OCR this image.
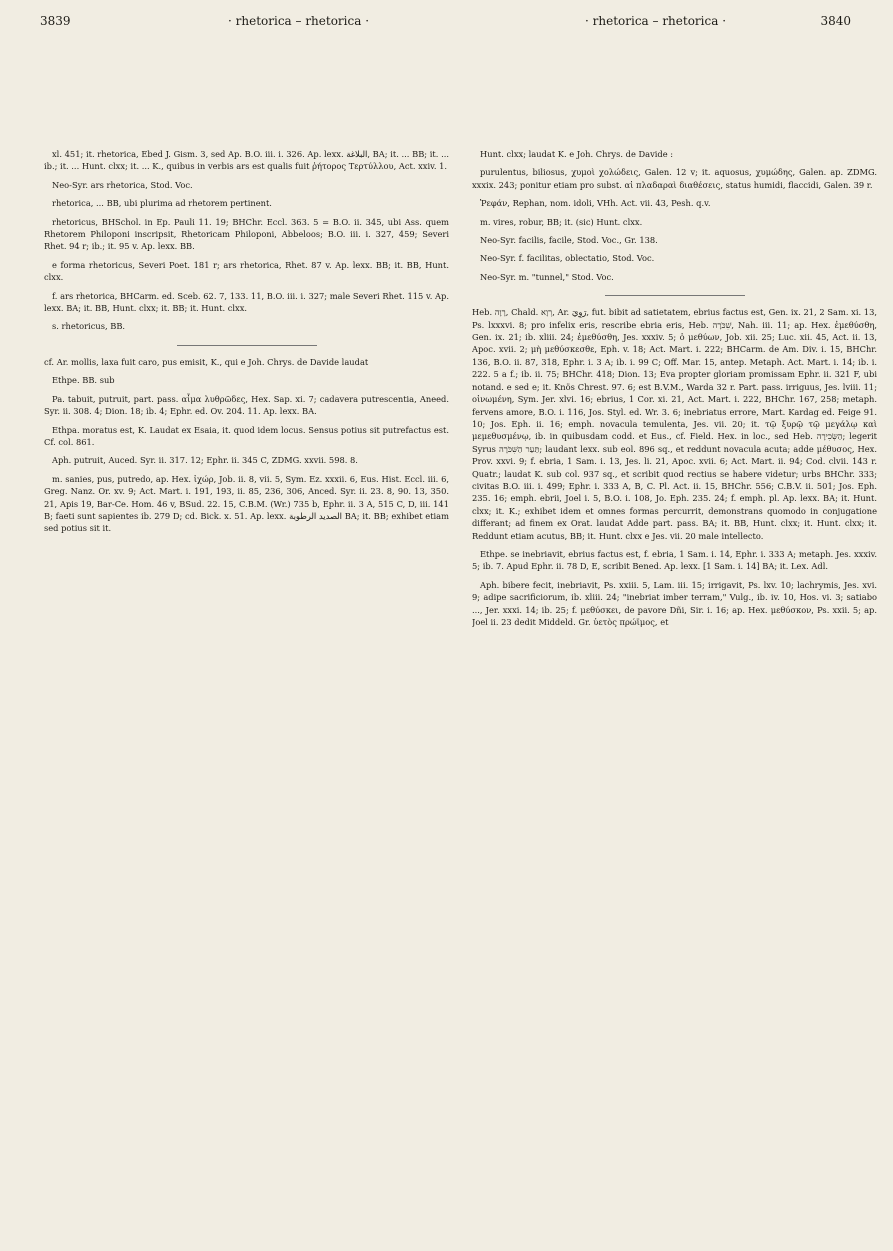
3839	· rhetorica – rhetorica ·	· rhetorica – rhetorica ·	3840

xl. 451; it. rhetorica, Ebed J. Gism. 3, sed Ap. B.O. iii. i. 326. Ap. lexx. البلاغة, BA; it. ... BB; it. ... ib.; it. ... Hunt. clxx; it. ... K., quibus in verbis ars est qualis fuit ῥήτορος Τερτύλλου, Act. xxiv. 1.

Neo-Syr. ars rhetorica, Stod. Voc.

rhetorica, ... BB, ubi plurima ad rhetorem pertinent.

rhetoricus, BHSchol. in Ep. Pauli 11. 19; BHChr. Eccl. 363. 5 = B.O. ii. 345, ubi Ass. quem Rhetorem Philoponi inscripsit, Rhetoricam Philoponi, Abbeloos; B.O. iii. i. 327, 459; Severi Rhet. 94 r; ib.; it. 95 v. Ap. lexx. BB.

e forma rhetoricus, Severi Poet. 181 r; ars rhetorica, Rhet. 87 v. Ap. lexx. BB; it. BB, Hunt. clxx.

f. ars rhetorica, BHCarm. ed. Sceb. 62. 7, 133. 11, B.O. iii. i. 327; male Severi Rhet. 115 v. Ap. lexx. BA; it. BB, Hunt. clxx; it. BB; it. Hunt. clxx.

s. rhetoricus, BB.

cf. Ar. mollis, laxa fuit caro, pus emisit, K., qui e Joh. Chrys. de Davide laudat

Ethpe. BB. sub

Pa. tabuit, putruit, part. pass. αἷμα λυθρῶδες, Hex. Sap. xi. 7; cadavera putrescentia, Aneed. Syr. ii. 308. 4; Dion. 18; ib. 4; Ephr. ed. Ov. 204. 11. Ap. lexx. BA.

Ethpa. moratus est, K. Laudat ex Esaia, it. quod idem locus. Sensus potius sit putrefactus est. Cf. col. 861.

Aph. putruit, Auced. Syr. ii. 317. 12; Ephr. ii. 345 C, ZDMG. xxvii. 598. 8.

m. sanies, pus, putredo, ap. Hex. ἰχώρ, Job. ii. 8, vii. 5, Sym. Ez. xxxii. 6, Eus. Hist. Eccl. iii. 6, Greg. Nanz. Or. xv. 9; Act. Mart. i. 191, 193, ii. 85, 236, 306, Anced. Syr. ii. 23. 8, 90. 13, 350. 21, Apis 19, Bar-Ce. Hom. 46 v, BSud. 22. 15, C.B.M. (Wr.) 735 b, Ephr. ii. 3 A, 515 C, D, iii. 141 B; faeti sunt sapientes ib. 279 D; cd. Bick. x. 51. Ap. lexx. الصديد الرطوبة BA; it. BB; exhibet etiam sed potius sit it.

Hunt. clxx; laudat K. e Joh. Chrys. de Davide :

purulentus, biliosus, χυμοὶ χολώδεις, Galen. 12 v; it. aquosus, χυμώδης, Galen. ap. ZDMG. xxxix. 243; ponitur etiam pro subst. αἱ πλαδαραὶ διαθέσεις, status humidi, flaccidi, Galen. 39 r.

Ῥεφάν, Rephan, nom. idoli, VHh. Act. vii. 43, Pesh. q.v.

m. vires, robur, BB; it. (sic) Hunt. clxx.

Neo-Syr. facilis, facile, Stod. Voc., Gr. 138.

Neo-Syr. f. facilitas, oblectatio, Stod. Voc.

Neo-Syr. m. "tunnel," Stod. Voc.

Heb. רָוָה, Chald. רְוָא, Ar. رَوِيَ, fut. bibit ad satietatem, ebrius factus est, Gen. ix. 21, 2 Sam. xi. 13, Ps. lxxxvi. 8; pro infelix eris, rescribe ebria eris, Heb. שִׁכֹּרָה, Nah. iii. 11; ap. Hex. ἐμεθύσθη, Gen. ix. 21; ib. xliii. 24; ἐμεθύσθη, Jes. xxxiv. 5; ὁ μεθύων, Job. xii. 25; Luc. xii. 45, Act. ii. 13, Apoc. xvii. 2; μὴ μεθύσκεσθε, Eph. v. 18; Act. Mart. i. 222; BHCarm. de Am. Div. i. 15, BHChr. 136, B.O. ii. 87, 318, Ephr. i. 3 A; ib. i. 99 C; Off. Mar. 15, antep. Metaph. Act. Mart. i. 14; ib. i. 222. 5 a f.; ib. ii. 75; BHChr. 418; Dion. 13; Eva propter gloriam promissam Ephr. ii. 321 F, ubi notand. e sed e; it. Knös Chrest. 97. 6; est B.V.M., Warda 32 r. Part. pass. irriguus, Jes. lviii. 11; οἰνωμένη, Sym. Jer. xlvi. 16; ebrius, 1 Cor. xi. 21, Act. Mart. i. 222, BHChr. 167, 258; metaph. fervens amore, B.O. i. 116, Jos. Styl. ed. Wr. 3. 6; inebriatus errore, Mart. Kardag ed. Feige 91. 10; Jos. Eph. ii. 16; emph. novacula temulenta, Jes. vii. 20; it. τῷ ξυρῷ τῷ μεγάλῳ καὶ μεμεθυσμένῳ, ib. in quibusdam codd. et Eus., cf. Field. Hex. in loc., sed Heb. הַשְּׂכִירָה; legerit Syrus תַּעַר הַשִּׁכֹּרָה; laudant lexx. sub eol. 896 sq., et reddunt novacula acuta; adde μέθυσος, Hex. Prov. xxvi. 9; f. ebria, 1 Sam. i. 13, Jes. li. 21, Apoc. xvii. 6; Act. Mart. ii. 94; Cod. clvii. 143 r. Quatr.; laudat K. sub col. 937 sq., et scribit quod rectius se habere videtur; urbs BHChr. 333; civitas B.O. iii. i. 499; Ephr. i. 333 A, B, C. Pl. Act. ii. 15, BHChr. 556; C.B.V. ii. 501; Jos. Eph. 235. 16; emph. ebrii, Joel i. 5, B.O. i. 108, Jo. Eph. 235. 24; f. emph. pl. Ap. lexx. BA; it. Hunt. clxx; it. K.; exhibet idem et omnes formas percurrit, demonstrans quomodo in conjugatione differant; ad finem ex Orat. laudat Adde part. pass. BA; it. BB, Hunt. clxx; it. Hunt. clxx; it. Reddunt etiam acutus, BB; it. Hunt. clxx e Jes. vii. 20 male intellecto.

Ethpe. se inebriavit, ebrius factus est, f. ebria, 1 Sam. i. 14, Ephr. i. 333 A; metaph. Jes. xxxiv. 5; ib. 7. Apud Ephr. ii. 78 D, E, scribit Bened. Ap. lexx. [1 Sam. i. 14] BA; it. Lex. Adl.

Aph. bibere fecit, inebriavit, Ps. xxiii. 5, Lam. iii. 15; irrigavit, Ps. lxv. 10; lachrymis, Jes. xvi. 9; adipe sacrificiorum, ib. xliii. 24; "inebriat imber terram," Vulg., ib. iv. 10, Hos. vi. 3; satiabo ..., Jer. xxxi. 14; ib. 25; f. μεθύσκει, de pavore Dñi, Sir. i. 16; ap. Hex. μεθύσκον, Ps. xxii. 5; ap. Joel ii. 23 dedit Middeld. Gr. ὑετὸς πρώϊμος, et
